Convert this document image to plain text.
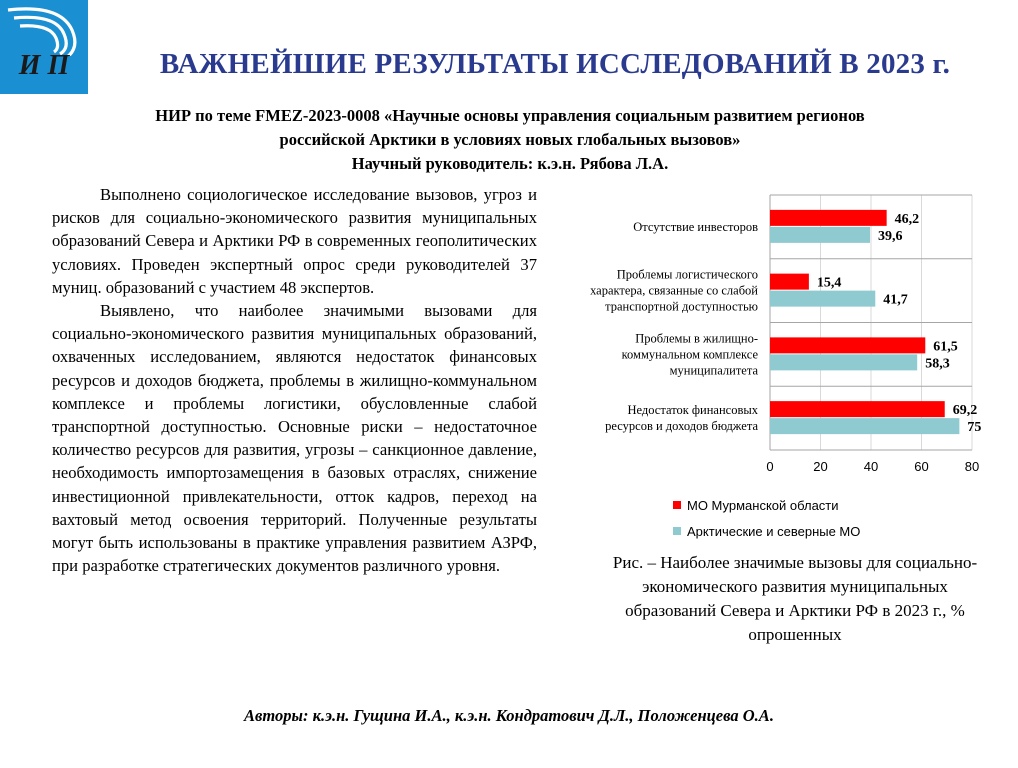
И П	ВАЖНЕЙШИЕ РЕЗУЛЬТАТЫ ИССЛЕДОВАНИЙ В 2023 г.
НИР по теме FMEZ-2023-0008 «Научные основы управления социальным развитием регионов
российской Арктики в условиях новых глобальных вызовов»
Научный руководитель: к.э.н. Рябова Л.А.

Выполнено социологическое исследование вызовов, угроз и рисков для социально-экономического развития муниципальных образований Севера и Арктики РФ в современных геополитических условиях. Проведен экспертный опрос среди руководителей 37 муниц. образований с участием 48 экспертов.

Выявлено, что наиболее значимыми вызовами для социально-экономического развития муниципальных образований, охваченных исследованием, являются недостаток финансовых ресурсов и доходов бюджета, проблемы в жилищно-коммунальном комплексе и проблемы логистики, обусловленные слабой транспортной доступностью. Основные риски – недостаточное количество ресурсов для развития, угрозы – санкционное давление, необходимость импортозамещения в базовых отраслях, снижение инвестиционной привлекательности, отток кадров, переход на вахтовый метод освоения территорий. Полученные результаты могут быть использованы в практике управления развитием АЗРФ, при разработке стратегических документов различного уровня.

0	20	40	60	80
46,2
39,6
Отсутствие инвесторов
15,4
41,7
Проблемы логистического
характера, связанные со слабой
транспортной доступностью
61,5
58,3
Проблемы в жилищно-
коммунальном комплексе
муниципалитета
69,2
75
Недостаток финансовых
ресурсов и доходов бюджета
МО Мурманской области
Арктические и северные МО
Рис. – Наиболее значимые вызовы для социально-экономического развития муниципальных образований Севера и Арктики РФ в 2023 г., % опрошенных
Авторы: к.э.н. Гущина И.А., к.э.н. Кондратович Д.Л., Положенцева О.А.
